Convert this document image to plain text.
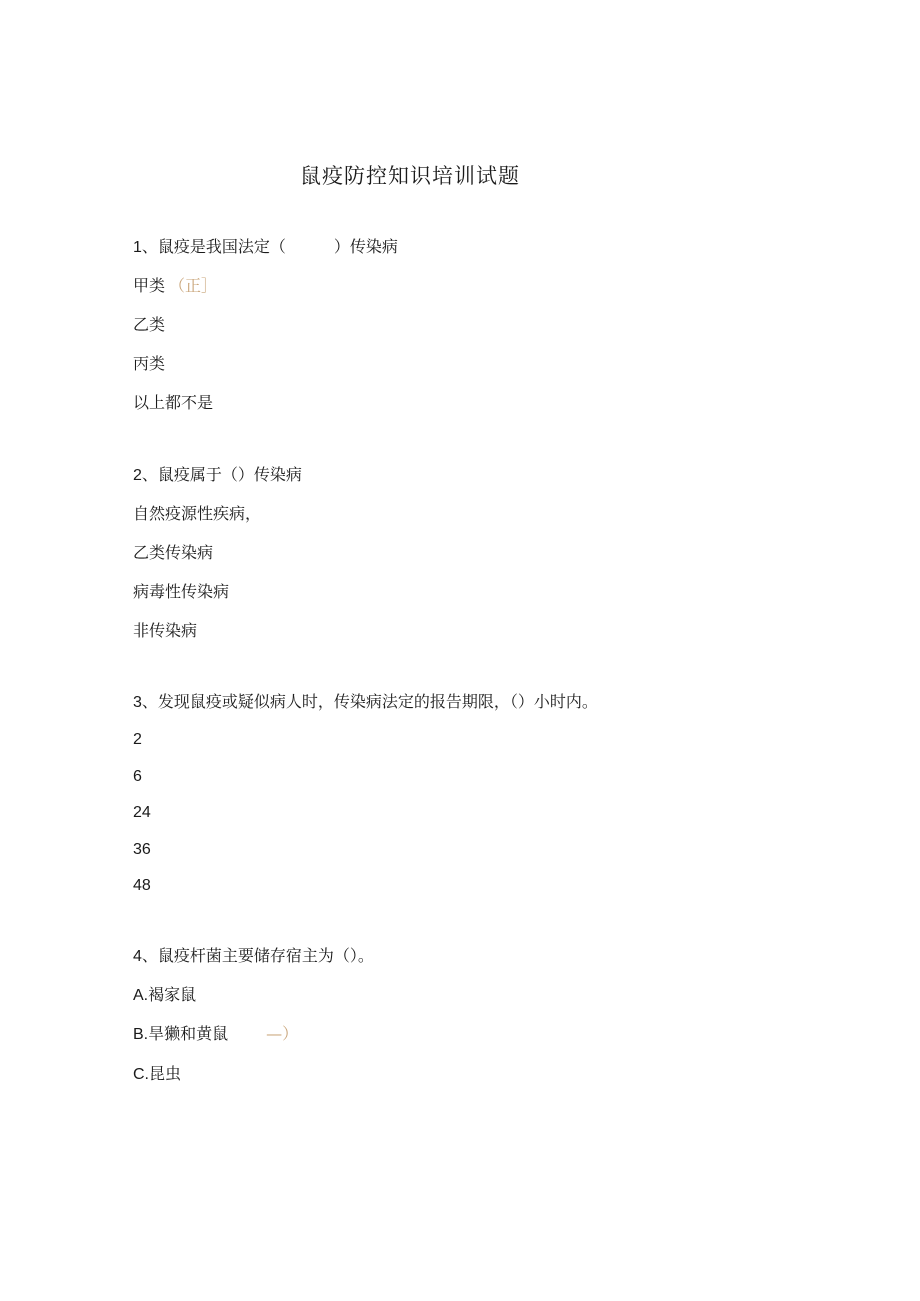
鼠疫防控知识培训试题
1、鼠疫是我国法定（　　　）传染病
甲类 （正］
乙类
丙类
以上都不是
2、鼠疫属于（）传染病
自然疫源性疾病，
乙类传染病
病毒性传染病
非传染病
3、发现鼠疫或疑似病人时，传染病法定的报告期限，（）小时内。
2
6
24
36
48
4、鼠疫杆菌主要储存宿主为（）。
A.褐家鼠
B.旱獭和黄鼠 —）
C.昆虫
